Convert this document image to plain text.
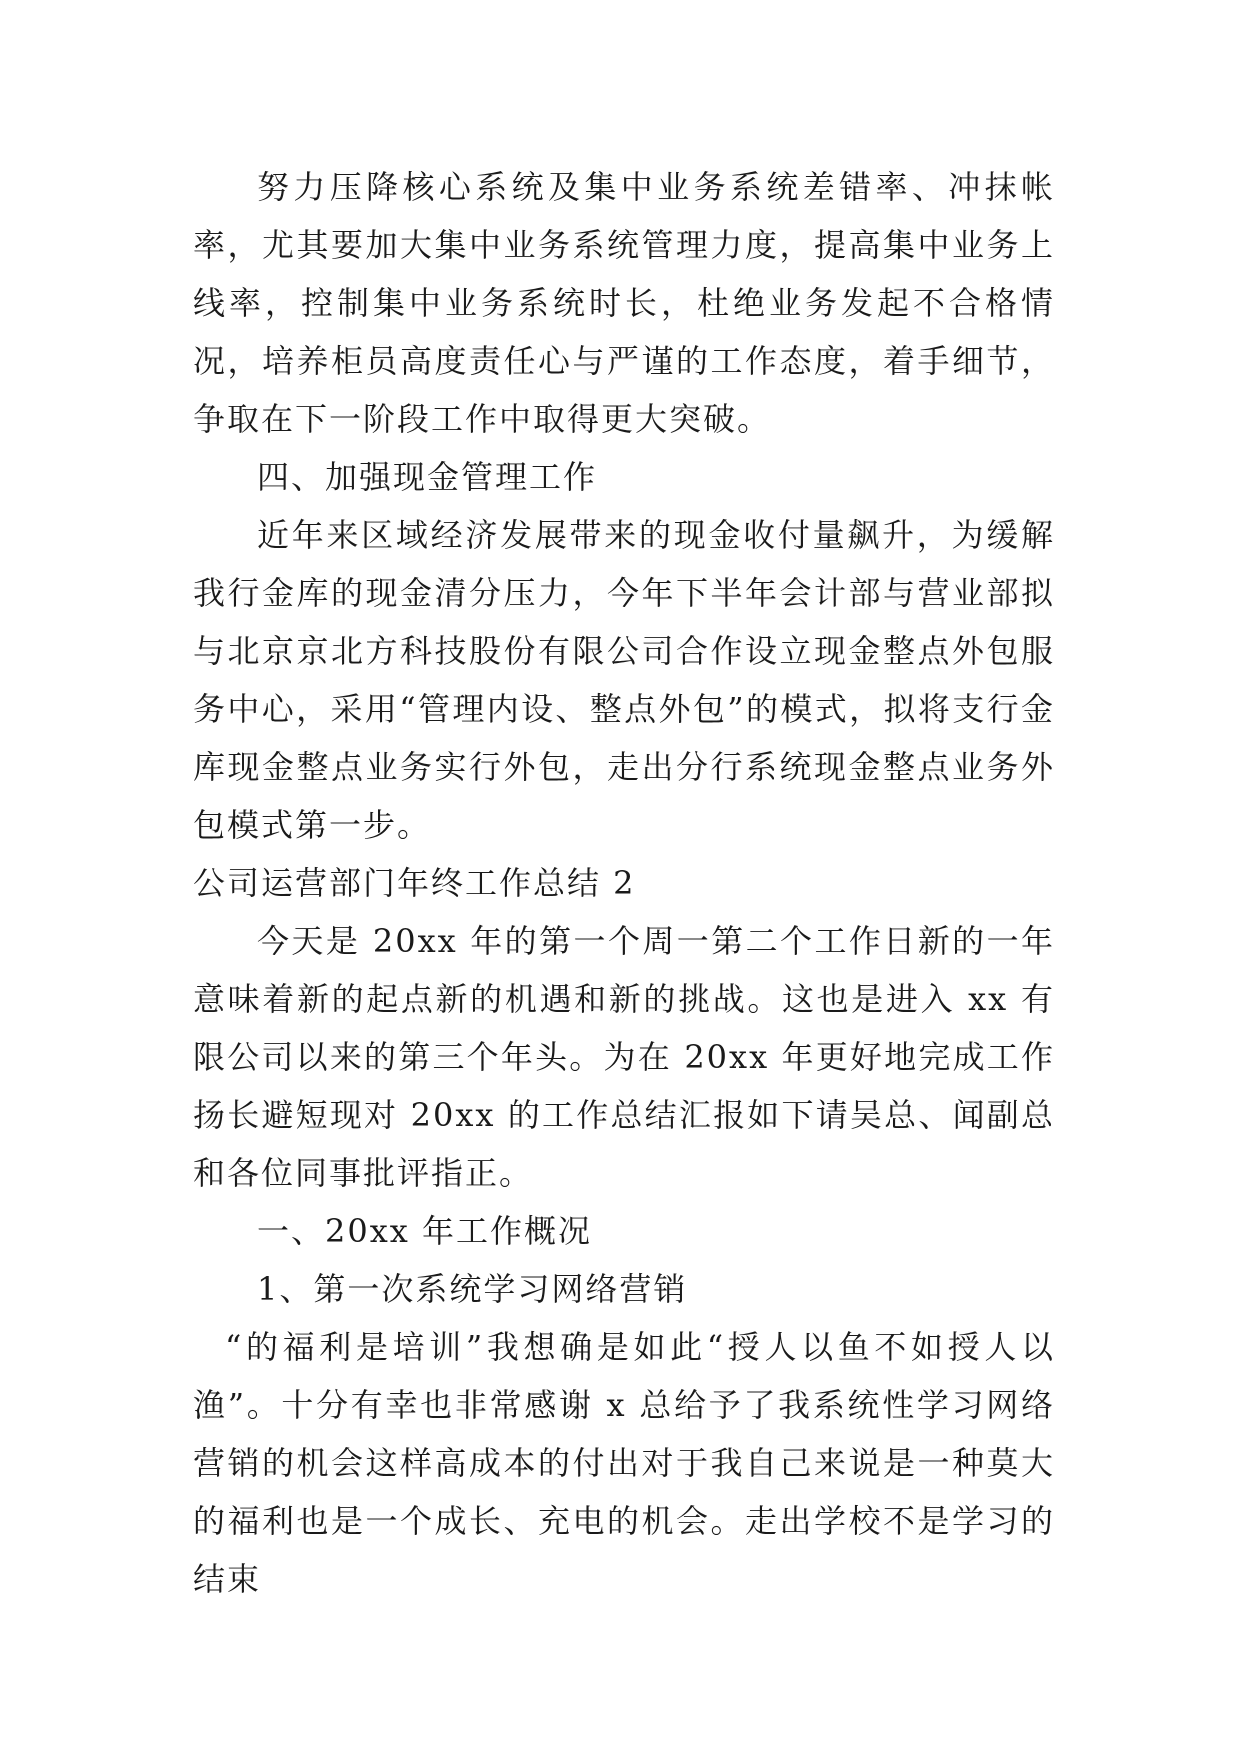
努力压降核心系统及集中业务系统差错率、冲抹帐率，尤其要加大集中业务系统管理力度，提高集中业务上线率，控制集中业务系统时长，杜绝业务发起不合格情况，培养柜员高度责任心与严谨的工作态度，着手细节，争取在下一阶段工作中取得更大突破。

四、加强现金管理工作

近年来区域经济发展带来的现金收付量飙升，为缓解我行金库的现金清分压力，今年下半年会计部与营业部拟与北京京北方科技股份有限公司合作设立现金整点外包服务中心，采用“管理内设、整点外包”的模式，拟将支行金库现金整点业务实行外包，走出分行系统现金整点业务外包模式第一步。

公司运营部门年终工作总结 2

今天是 20xx 年的第一个周一第二个工作日新的一年意味着新的起点新的机遇和新的挑战。这也是进入 xx 有限公司以来的第三个年头。为在 20xx 年更好地完成工作扬长避短现对 20xx 的工作总结汇报如下请吴总、闻副总和各位同事批评指正。

一、20xx 年工作概况

1、第一次系统学习网络营销

“的福利是培训”我想确是如此“授人以鱼不如授人以渔”。十分有幸也非常感谢 x 总给予了我系统性学习网络营销的机会这样高成本的付出对于我自己来说是一种莫大的福利也是一个成长、充电的机会。走出学校不是学习的结束
